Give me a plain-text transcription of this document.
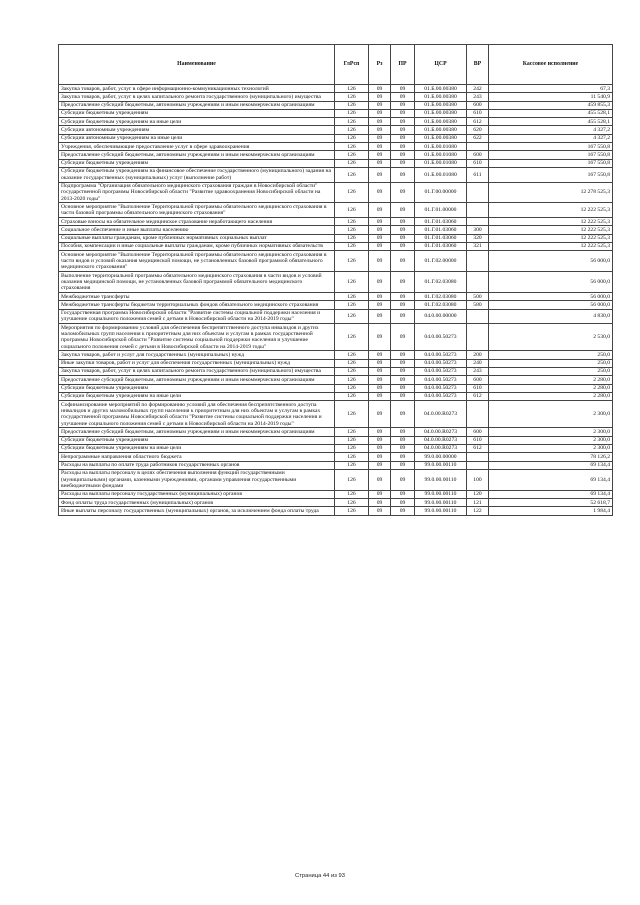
Наименование	ГлРсп	Рз	ПР	ЦСР	ВР	Кассовое исполнение
Закупка товаров, работ, услуг в сфере информационно-коммуникационных технологий	126	09	09	01.Б.00.00380	242	67,3
Закупка товаров, работ, услуг в целях капитального ремонта государственного (муниципального) имущества	126	09	09	01.Б.00.00380	243	11 540,9
Предоставление субсидий бюджетным, автономным учреждениям и иным некоммерческим организациям	126	09	09	01.Б.00.00380	600	459 855,3
Субсидии бюджетным учреждениям	126	09	09	01.Б.00.00380	610	455 528,1
Субсидии бюджетным учреждениям на иные цели	126	09	09	01.Б.00.00380	612	455 528,1
Субсидии автономным учреждениям	126	09	09	01.Б.00.00380	620	4 327,2
Субсидии автономным учреждениям на иные цели	126	09	09	01.Б.00.00380	622	4 327,2
Учреждения, обеспечивающие предоставление услуг в сфере здравоохранения	126	09	09	01.Б.00.01080		167 550,8
Предоставление субсидий бюджетным, автономным учреждениям и иным некоммерческим организациям	126	09	09	01.Б.00.01080	600	167 550,8
Субсидии бюджетным учреждениям	126	09	09	01.Б.00.01080	610	167 550,8
Субсидии бюджетным учреждениям на финансовое обеспечение государственного (муниципального) задания на оказание государственных (муниципальных) услуг (выполнение работ)	126	09	09	01.Б.00.01080	611	167 550,8
Подпрограмма "Организация обязательного медицинского страхования граждан в Новосибирской области" государственной программы Новосибирской области "Развитие здравоохранения Новосибирской области на 2013-2020 годы"	126	09	09	01.Г.00.00000		12 278 525,3
Основное мероприятие "Выполнение Территориальной программы обязательного медицинского страхования в части базовой программы обязательного медицинского страхования"	126	09	09	01.Г.01.00000		12 222 525,3
Страховые взносы на обязательное медицинское страхование неработающего населения	126	09	09	01.Г.01.03060		12 222 525,3
Социальное обеспечение и иные выплаты населению	126	09	09	01.Г.01.03060	300	12 222 525,3
Социальные выплаты гражданам, кроме публичных нормативных социальных выплат	126	09	09	01.Г.01.03060	320	12 222 525,3
Пособия, компенсации и иные социальные выплаты гражданам, кроме публичных нормативных обязательств	126	09	09	01.Г.01.03060	321	12 222 525,3
Основное мероприятие "Выполнение Территориальной программы обязательного медицинского страхования в части видов и условий оказания медицинской помощи, не установленных базовой программой обязательного медицинского страхования"	126	09	09	01.Г.02.00000		56 000,0
Выполнение территориальной программы обязательного медицинского страхования в части видов и условий оказания медицинской помощи, не установленных базовой программой обязательного медицинского страхования	126	09	09	01.Г.02.03080		56 000,0
Межбюджетные трансферты	126	09	09	01.Г.02.03080	500	56 000,0
Межбюджетные трансферты бюджетам территориальных фондов обязательного медицинского страхования	126	09	09	01.Г.02.03080	580	56 000,0
Государственная программа Новосибирской области "Развитие системы социальной поддержки населения и улучшение социального положения семей с детьми в Новосибирской области на 2014-2019 годы"	126	09	09	04.0.00.00000		4 830,0
Мероприятия по формированию условий для обеспечения беспрепятственного доступа инвалидов и других маломобильных групп населения к приоритетным для них объектам и услугам в рамках государственной программы Новосибирской области "Развитие системы социальной поддержки населения и улучшение социального положения семей с детьми в Новосибирской области на 2014-2019 годы"	126	09	09	04.0.00.50273		2 530,0
Закупка товаров, работ и услуг для государственных (муниципальных) нужд	126	09	09	04.0.00.50273	200	250,0
Иные закупки товаров, работ и услуг для обеспечения государственных (муниципальных) нужд	126	09	09	04.0.00.50273	240	250,0
Закупка товаров, работ, услуг в целях капитального ремонта государственного (муниципального) имущества	126	09	09	04.0.00.50273	243	250,0
Предоставление субсидий бюджетным, автономным учреждениям и иным некоммерческим организациям	126	09	09	04.0.00.50273	600	2 280,0
Субсидии бюджетным учреждениям	126	09	09	04.0.00.50273	610	2 280,0
Субсидии бюджетным учреждениям на иные цели	126	09	09	04.0.00.50273	612	2 280,0
Софинансирование мероприятий по формированию условий для обеспечения беспрепятственного доступа инвалидов и других маломобильных групп населения к приоритетным для них объектам и услугам в рамках государственной программы Новосибирской области "Развитие системы социальной поддержки населения и улучшение социального положения семей с детьми в Новосибирской области на 2014-2019 годы"	126	09	09	04.0.00.R0273		2 300,0
Предоставление субсидий бюджетным, автономным учреждениям и иным некоммерческим организациям	126	09	09	04.0.00.R0273	600	2 300,0
Субсидии бюджетным учреждениям	126	09	09	04.0.00.R0273	610	2 300,0
Субсидии бюджетным учреждениям на иные цели	126	09	09	04.0.00.R0273	612	2 300,0
Непрограммные направления областного бюджета	126	09	09	99.0.00.00000		78 126,2
Расходы на выплаты по оплате труда работников государственных органов	126	09	09	99.0.00.00110		69 134,4
Расходы на выплаты персоналу в целях обеспечения выполнения функций государственными (муниципальными) органами, казенными учреждениями, органами управления государственными внебюджетными фондами	126	09	09	99.0.00.00110	100	69 134,4
Расходы на выплаты персоналу государственных (муниципальных) органов	126	09	09	99.0.00.00110	120	69 134,4
Фонд оплаты труда государственных (муниципальных) органов	126	09	09	99.0.00.00110	121	52 618,7
Иные выплаты персоналу государственных (муниципальных) органов, за исключением фонда оплаты труда	126	09	09	99.0.00.00110	122	1 984,4
Страница 44 из 93
